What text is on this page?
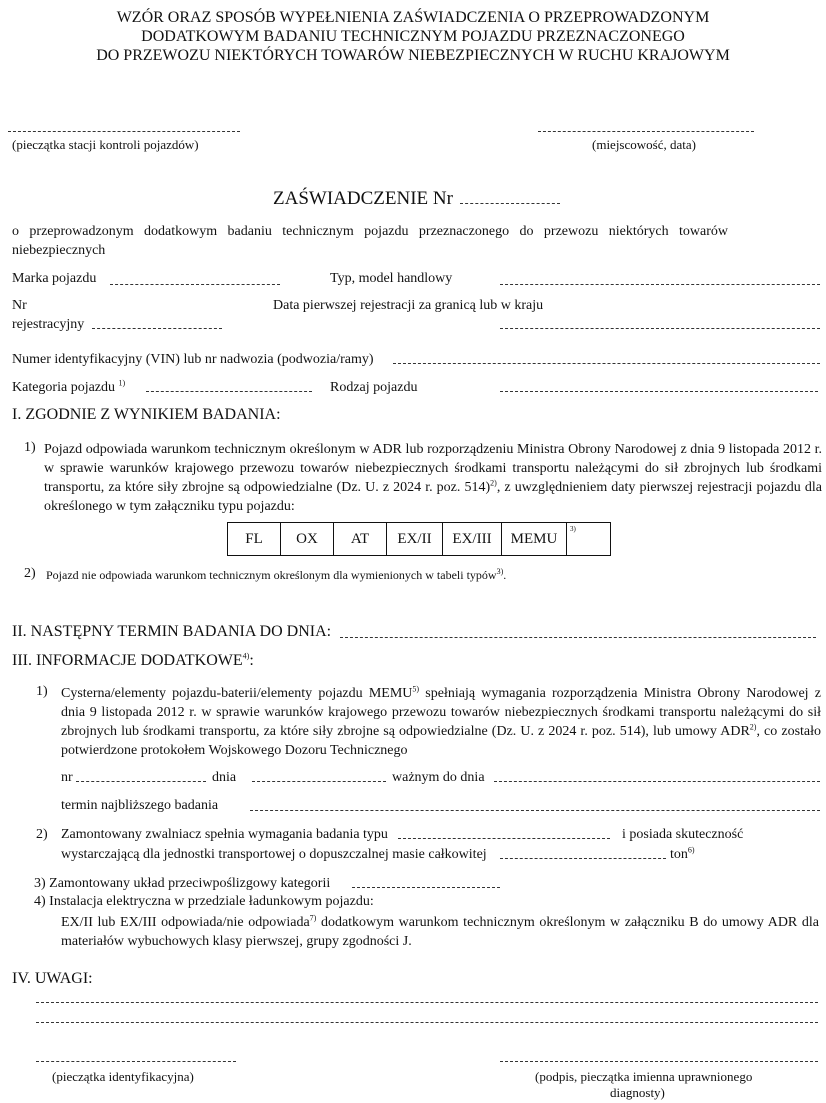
WZÓR ORAZ SPOSÓB WYPEŁNIENIA ZAŚWIADCZENIA O PRZEPROWADZONYM
DODATKOWYM BADANIU TECHNICZNYM POJAZDU PRZEZNACZONEGO
DO PRZEWOZU NIEKTÓRYCH TOWARÓW NIEBEZPIECZNYCH W RUCHU KRAJOWYM
(pieczątka stacji kontroli pojazdów)	(miejscowość, data)
ZAŚWIADCZENIE Nr
o przeprowadzonym dodatkowym badaniu technicznym pojazdu przeznaczonego do przewozu niektórych towarów niebezpiecznych
Marka pojazdu	Typ, model handlowy
Nr
rejestracyjny
Data pierwszej rejestracji za granicą lub w kraju
Numer identyfikacyjny (VIN) lub nr nadwozia (podwozia/ramy)
Kategoria pojazdu $^{1)}$	Rodzaj pojazdu
I. ZGODNIE Z WYNIKIEM BADANIA:
1) Pojazd odpowiada warunkom technicznym określonym w ADR lub rozporządzeniu Ministra Obrony Narodowej z dnia 9 listopada 2012 r. w sprawie warunków krajowego przewozu towarów niebezpiecznych środkami transportu należącymi do sił zbrojnych lub środkami transportu, za które siły zbrojne są odpowiedzialne (Dz. U. z 2024 r. poz. 514)$^{2)}$, z uwzględnieniem daty pierwszej rejestracji pojazdu dla określonego w tym załączniku typu pojazdu:
FL	OX	AT	EX/II	EX/III	MEMU	3)
2) Pojazd nie odpowiada warunkom technicznym określonym dla wymienionych w tabeli typów$^{3)}$.
II. NASTĘPNY TERMIN BADANIA DO DNIA:
III. INFORMACJE DODATKOWE$^{4)}$:
1) Cysterna/elementy pojazdu-baterii/elementy pojazdu MEMU$^{5)}$ spełniają wymagania rozporządzenia Ministra Obrony Narodowej z dnia 9 listopada 2012 r. w sprawie warunków krajowego przewozu towarów niebezpiecznych środkami transportu należącymi do sił zbrojnych lub środkami transportu, za które siły zbrojne są odpowiedzialne (Dz. U. z 2024 r. poz. 514), lub umowy ADR$^{2)}$, co zostało potwierdzone protokołem Wojskowego Dozoru Technicznego
nr	dnia	ważnym do dnia
termin najbliższego badania
2) Zamontowany zwalniacz spełnia wymagania badania typu	i posiada skuteczność
wystarczającą dla jednostki transportowej o dopuszczalnej masie całkowitej	ton$^{6)}$
3) Zamontowany układ przeciwpoślizgowy kategorii
4) Instalacja elektryczna w przedziale ładunkowym pojazdu:
EX/II lub EX/III odpowiada/nie odpowiada$^{7)}$ dodatkowym warunkom technicznym określonym w załączniku B do umowy ADR dla materiałów wybuchowych klasy pierwszej, grupy zgodności J.
IV. UWAGI:
(pieczątka identyfikacyjna)	(podpis, pieczątka imienna uprawnionego
diagnosty)
